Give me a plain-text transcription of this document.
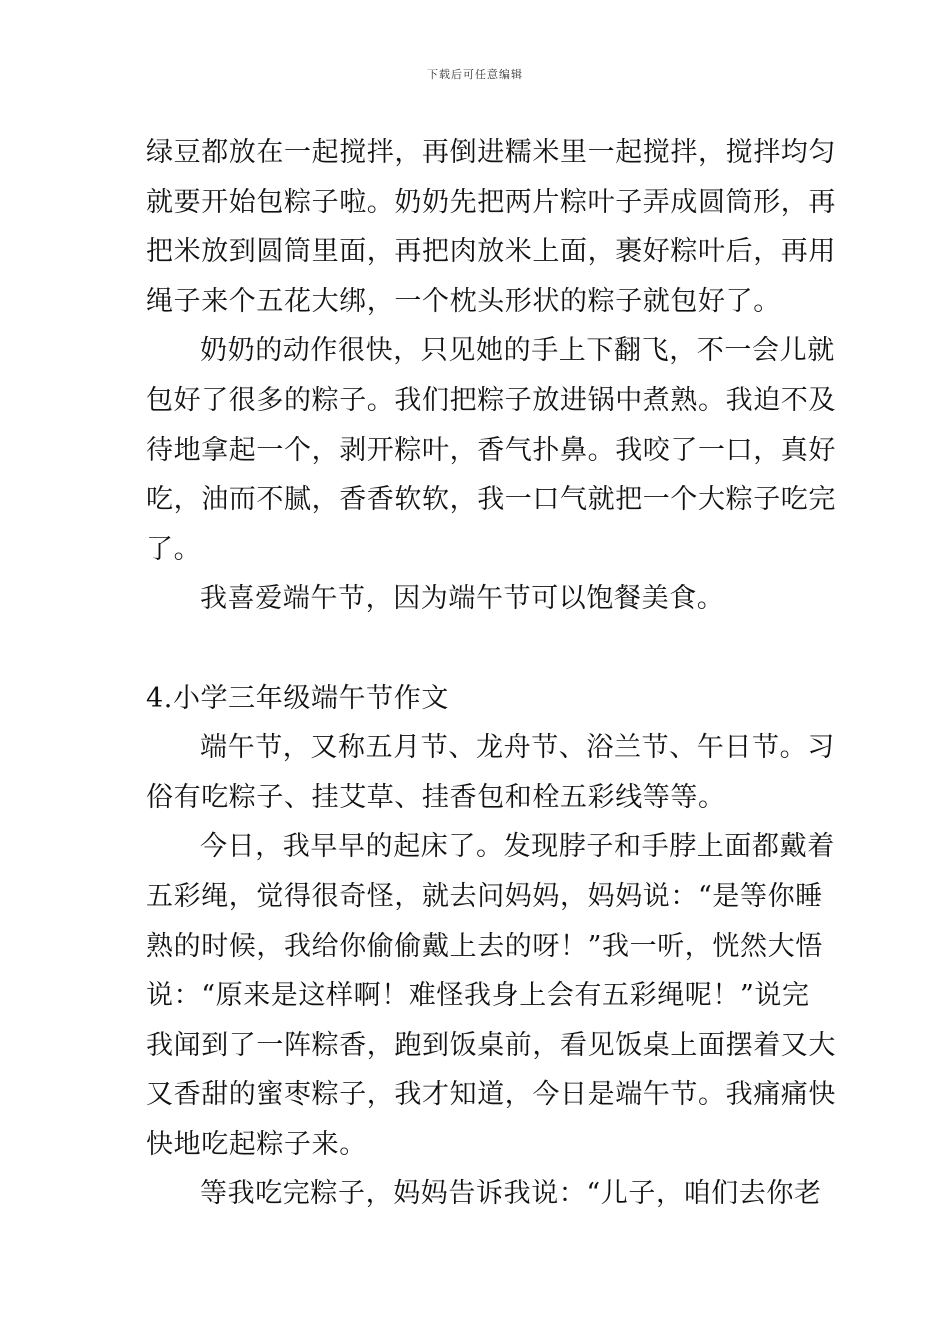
下载后可任意编辑
绿豆都放在一起搅拌，再倒进糯米里一起搅拌，搅拌均匀
就要开始包粽子啦。奶奶先把两片粽叶子弄成圆筒形，再
把米放到圆筒里面，再把肉放米上面，裹好粽叶后，再用
绳子来个五花大绑，一个枕头形状的粽子就包好了。
奶奶的动作很快，只见她的手上下翻飞，不一会儿就
包好了很多的粽子。我们把粽子放进锅中煮熟。我迫不及
待地拿起一个，剥开粽叶，香气扑鼻。我咬了一口，真好
吃，油而不腻，香香软软，我一口气就把一个大粽子吃完
了。
我喜爱端午节，因为端午节可以饱餐美食。
4.小学三年级端午节作文
端午节，又称五月节、龙舟节、浴兰节、午日节。习
俗有吃粽子、挂艾草、挂香包和栓五彩线等等。
今日，我早早的起床了。发现脖子和手脖上面都戴着
五彩绳，觉得很奇怪，就去问妈妈，妈妈说：“是等你睡
熟的时候，我给你偷偷戴上去的呀！”我一听，恍然大悟
说：“原来是这样啊！难怪我身上会有五彩绳呢！”说完
我闻到了一阵粽香，跑到饭桌前，看见饭桌上面摆着又大
又香甜的蜜枣粽子，我才知道，今日是端午节。我痛痛快
快地吃起粽子来。
等我吃完粽子，妈妈告诉我说：“儿子，咱们去你老
